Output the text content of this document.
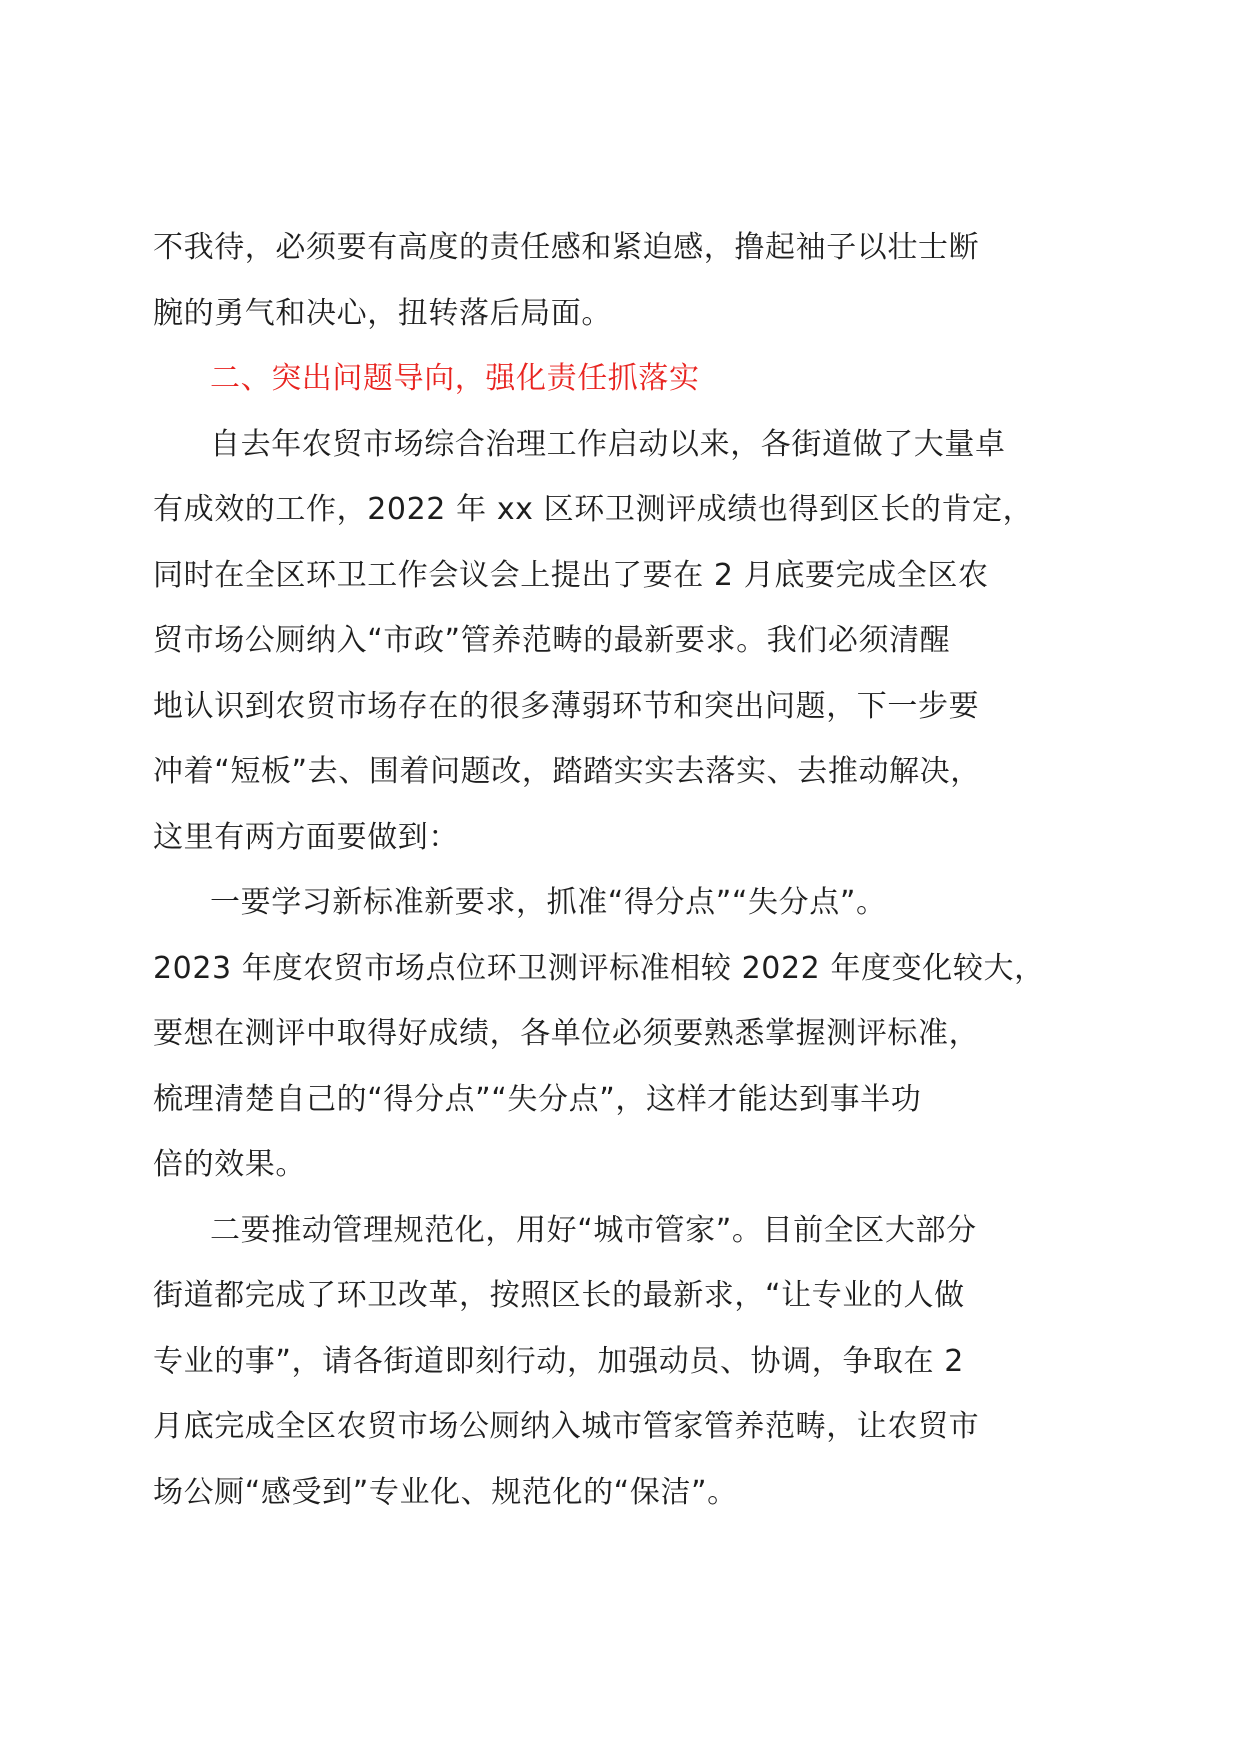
不我待，必须要有高度的责任感和紧迫感，撸起袖子以壮士断
腕的勇气和决心，扭转落后局面。

二、突出问题导向，强化责任抓落实

自去年农贸市场综合治理工作启动以来，各街道做了大量卓
有成效的工作，2022 年 xx 区环卫测评成绩也得到区长的肯定，
同时在全区环卫工作会议会上提出了要在 2 月底要完成全区农
贸市场公厕纳入“市政”管养范畴的最新要求。我们必须清醒
地认识到农贸市场存在的很多薄弱环节和突出问题，下一步要
冲着“短板”去、围着问题改，踏踏实实去落实、去推动解决，
这里有两方面要做到：

一要学习新标准新要求，抓准“得分点”“失分点”。
2023 年度农贸市场点位环卫测评标准相较 2022 年度变化较大，
要想在测评中取得好成绩，各单位必须要熟悉掌握测评标准，
梳理清楚自己的“得分点”“失分点”，这样才能达到事半功
倍的效果。

二要推动管理规范化，用好“城市管家”。目前全区大部分
街道都完成了环卫改革，按照区长的最新求，“让专业的人做
专业的事”，请各街道即刻行动，加强动员、协调，争取在 2
月底完成全区农贸市场公厕纳入城市管家管养范畴，让农贸市
场公厕“感受到”专业化、规范化的“保洁”。
